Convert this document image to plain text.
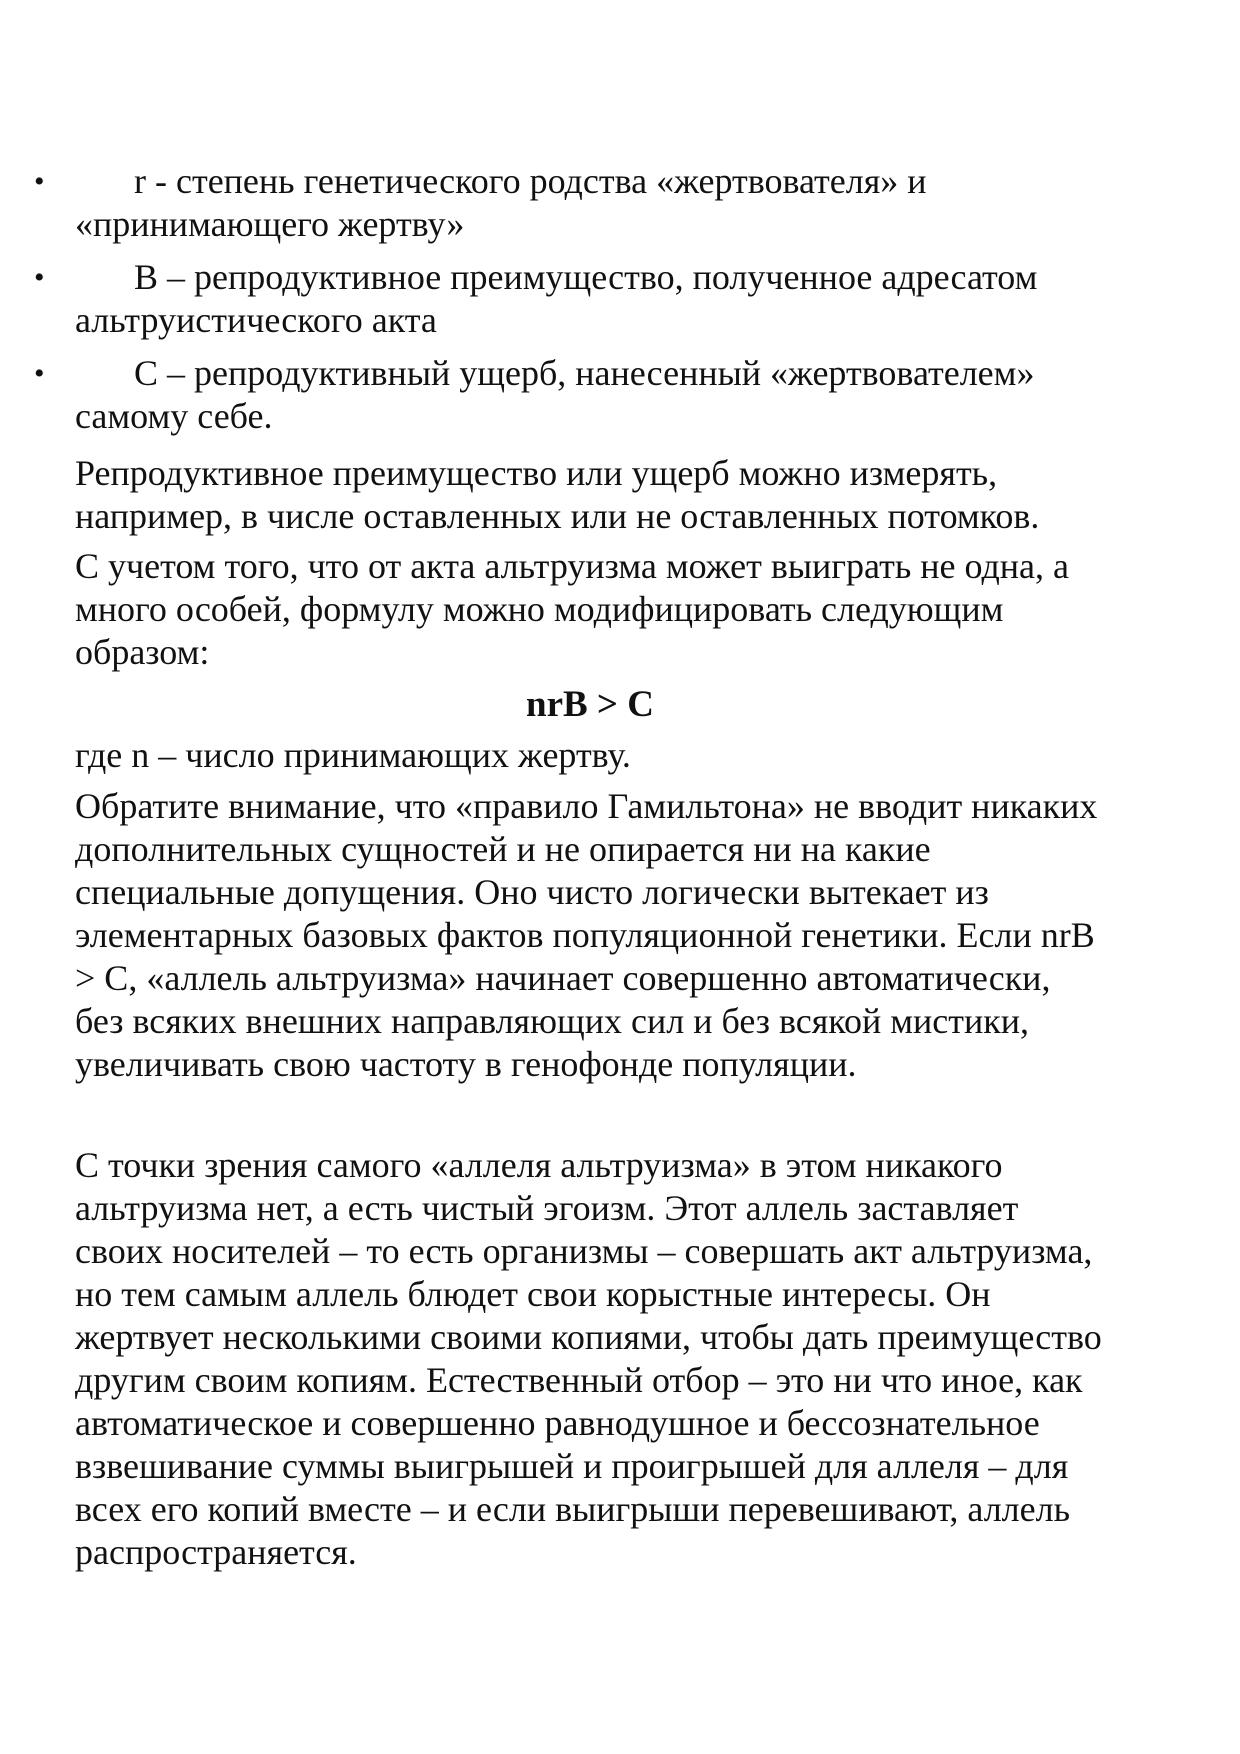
•	r - степень генетического родства «жертвователя» и «принимающего жертву»
•	B – репродуктивное преимущество, полученное адресатом альтруистического акта
•	C – репродуктивный ущерб, нанесенный «жертвователем» самому себе.

Репродуктивное преимущество или ущерб можно измерять, например, в числе оставленных или не оставленных потомков.

С учетом того, что от акта альтруизма может выиграть не одна, а много особей, формулу можно модифицировать следующим образом:

nrB > C

где n – число принимающих жертву.

Обратите внимание, что «правило Гамильтона» не вводит никаких дополнительных сущностей и не опирается ни на какие специальные допущения. Оно чисто логически вытекает из элементарных базовых фактов популяционной генетики. Если nrB > C, «аллель альтруизма» начинает совершенно автоматически, без всяких внешних направляющих сил и без всякой мистики, увеличивать свою частоту в генофонде популяции.

С точки зрения самого «аллеля альтруизма» в этом никакого альтруизма нет, а есть чистый эгоизм. Этот аллель заставляет своих носителей – то есть организмы – совершать акт альтруизма, но тем самым аллель блюдет свои корыстные интересы. Он жертвует несколькими своими копиями, чтобы дать преимущество другим своим копиям. Естественный отбор – это ни что иное, как автоматическое и совершенно равнодушное и бессознательное взвешивание суммы выигрышей и проигрышей для аллеля – для всех его копий вместе – и если выигрыши перевешивают, аллель распространяется.
